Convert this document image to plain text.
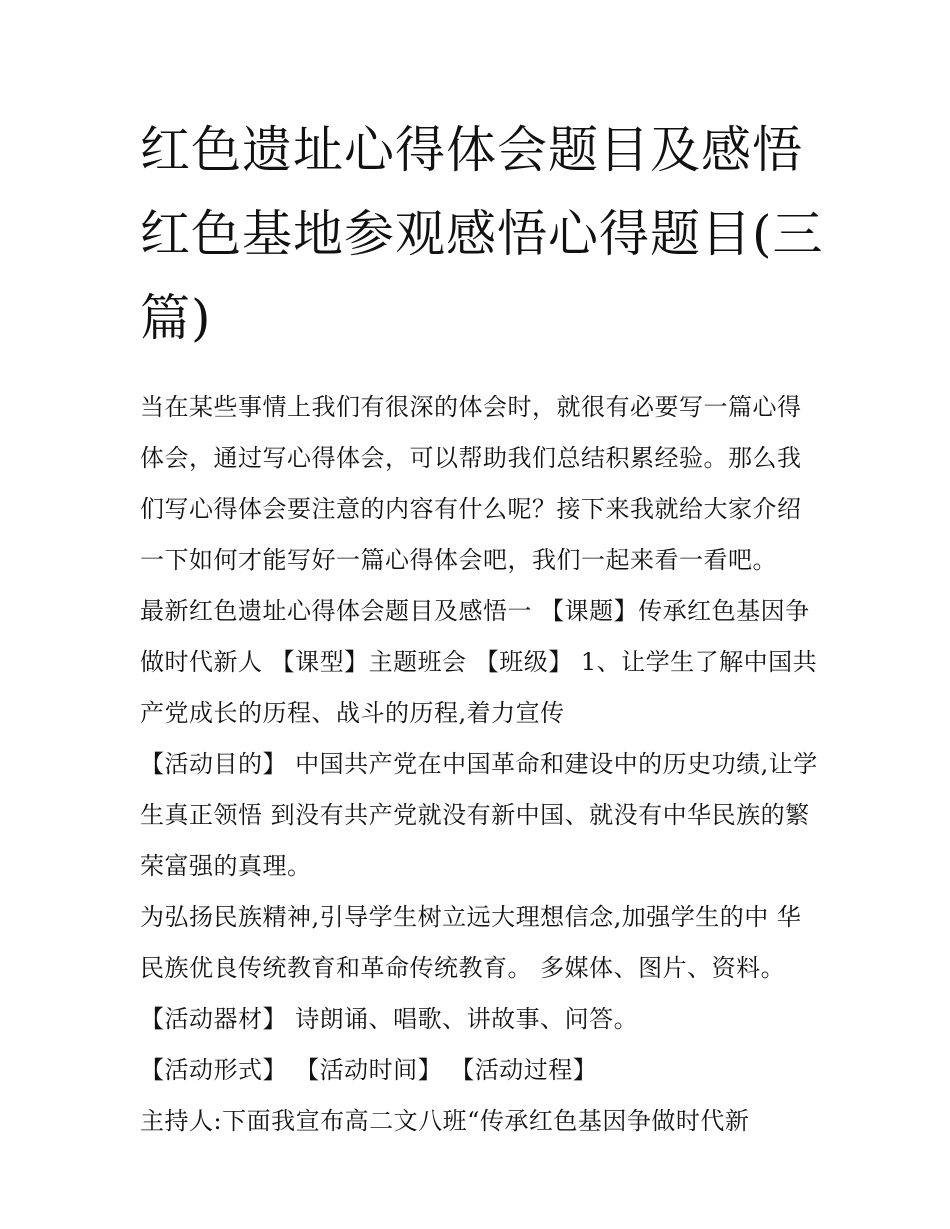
红色遗址心得体会题目及感悟
红色基地参观感悟心得题目(三
篇)

当在某些事情上我们有很深的体会时，就很有必要写一篇心得体会，通过写心得体会，可以帮助我们总结积累经验。那么我们写心得体会要注意的内容有什么呢？接下来我就给大家介绍一下如何才能写好一篇心得体会吧，我们一起来看一看吧。

最新红色遗址心得体会题目及感悟一 【课题】传承红色基因争做时代新人 【课型】主题班会 【班级】 1、让学生了解中国共产党成长的历程、战斗的历程,着力宣传

【活动目的】 中国共产党在中国革命和建设中的历史功绩,让学生真正领悟 到没有共产党就没有新中国、就没有中华民族的繁荣富强的真理。

为弘扬民族精神,引导学生树立远大理想信念,加强学生的中 华民族优良传统教育和革命传统教育。 多媒体、图片、资料。

【活动器材】 诗朗诵、唱歌、讲故事、问答。

【活动形式】 【活动时间】 【活动过程】

主持人:下面我宣布高二文八班“传承红色基因争做时代新
